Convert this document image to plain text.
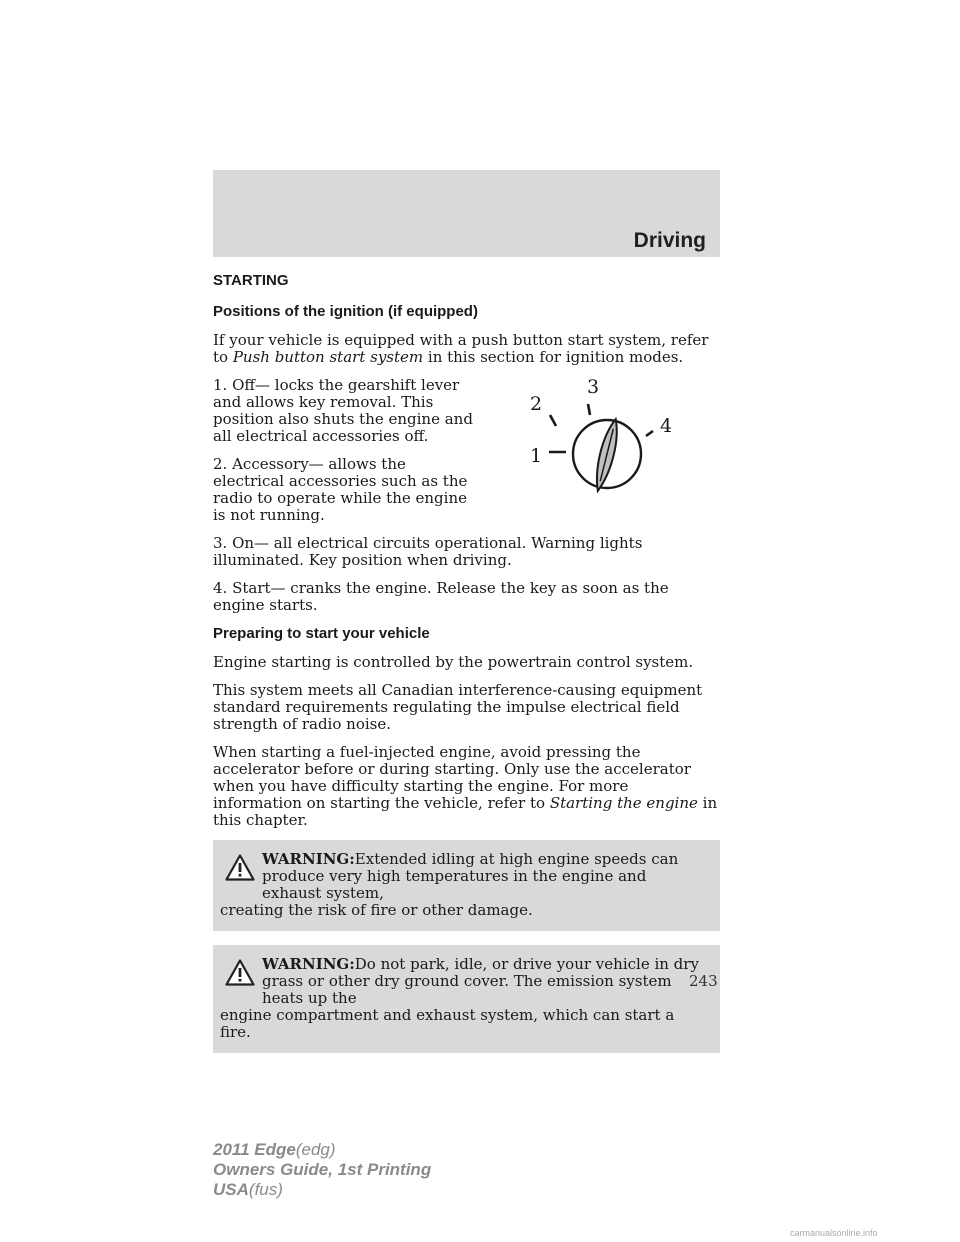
Driving
STARTING
Positions of the ignition (if equipped)
If your vehicle is equipped with a push button start system, refer to Push button start system in this section for ignition modes.
1. Off— locks the gearshift lever and allows key removal. This position also shuts the engine and all electrical accessories off.
2. Accessory— allows the electrical accessories such as the radio to operate while the engine is not running.
3. On— all electrical circuits operational. Warning lights illuminated. Key position when driving.
4. Start— cranks the engine. Release the key as soon as the engine starts.
Preparing to start your vehicle
Engine starting is controlled by the powertrain control system.
This system meets all Canadian interference-causing equipment standard requirements regulating the impulse electrical field strength of radio noise.
When starting a fuel-injected engine, avoid pressing the accelerator before or during starting. Only use the accelerator when you have difficulty starting the engine. For more information on starting the vehicle, refer to Starting the engine in this chapter.
WARNING:Extended idling at high engine speeds can produce very high temperatures in the engine and exhaust system,
creating the risk of fire or other damage.
WARNING:Do not park, idle, or drive your vehicle in dry grass or other dry ground cover. The emission system heats up the
engine compartment and exhaust system, which can start a fire.
1
2
3
4
243
2011 Edge(edg)
Owners Guide, 1st Printing
USA(fus)
carmanualsonline.info
